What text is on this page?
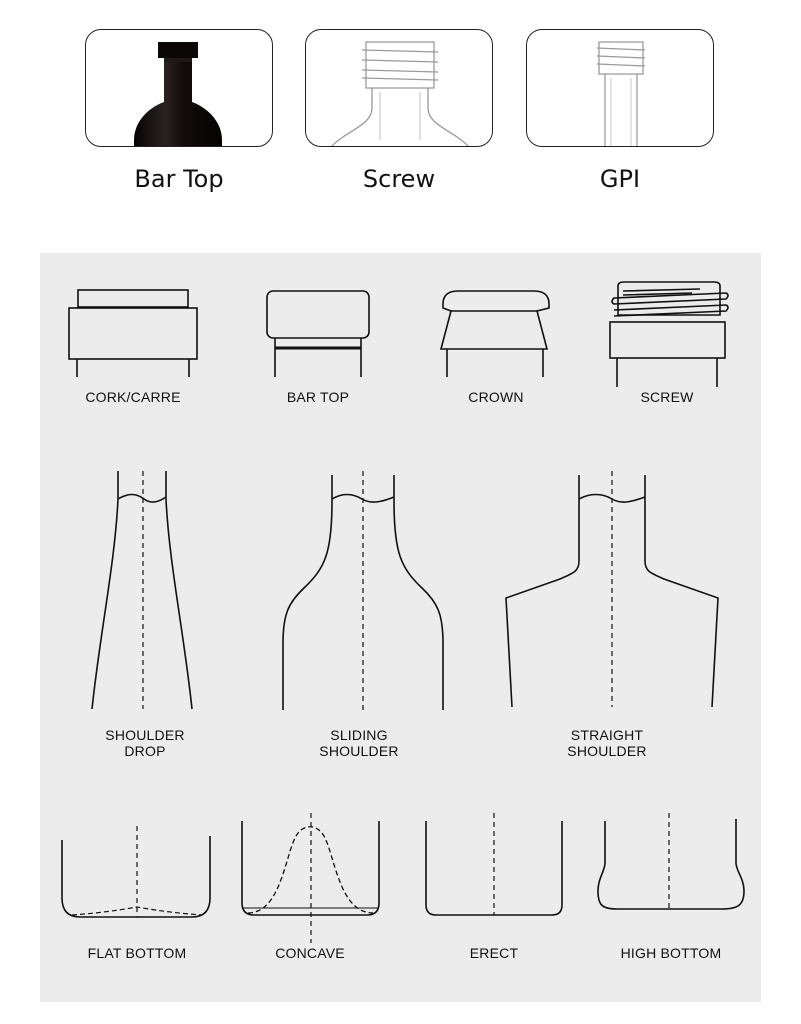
Bar Top	Screw	GPI
CORK/CARRE	BAR TOP	CROWN	SCREW
SHOULDER
DROP
SLIDING
SHOULDER
STRAIGHT
SHOULDER
FLAT BOTTOM	CONCAVE	ERECT	HIGH BOTTOM
